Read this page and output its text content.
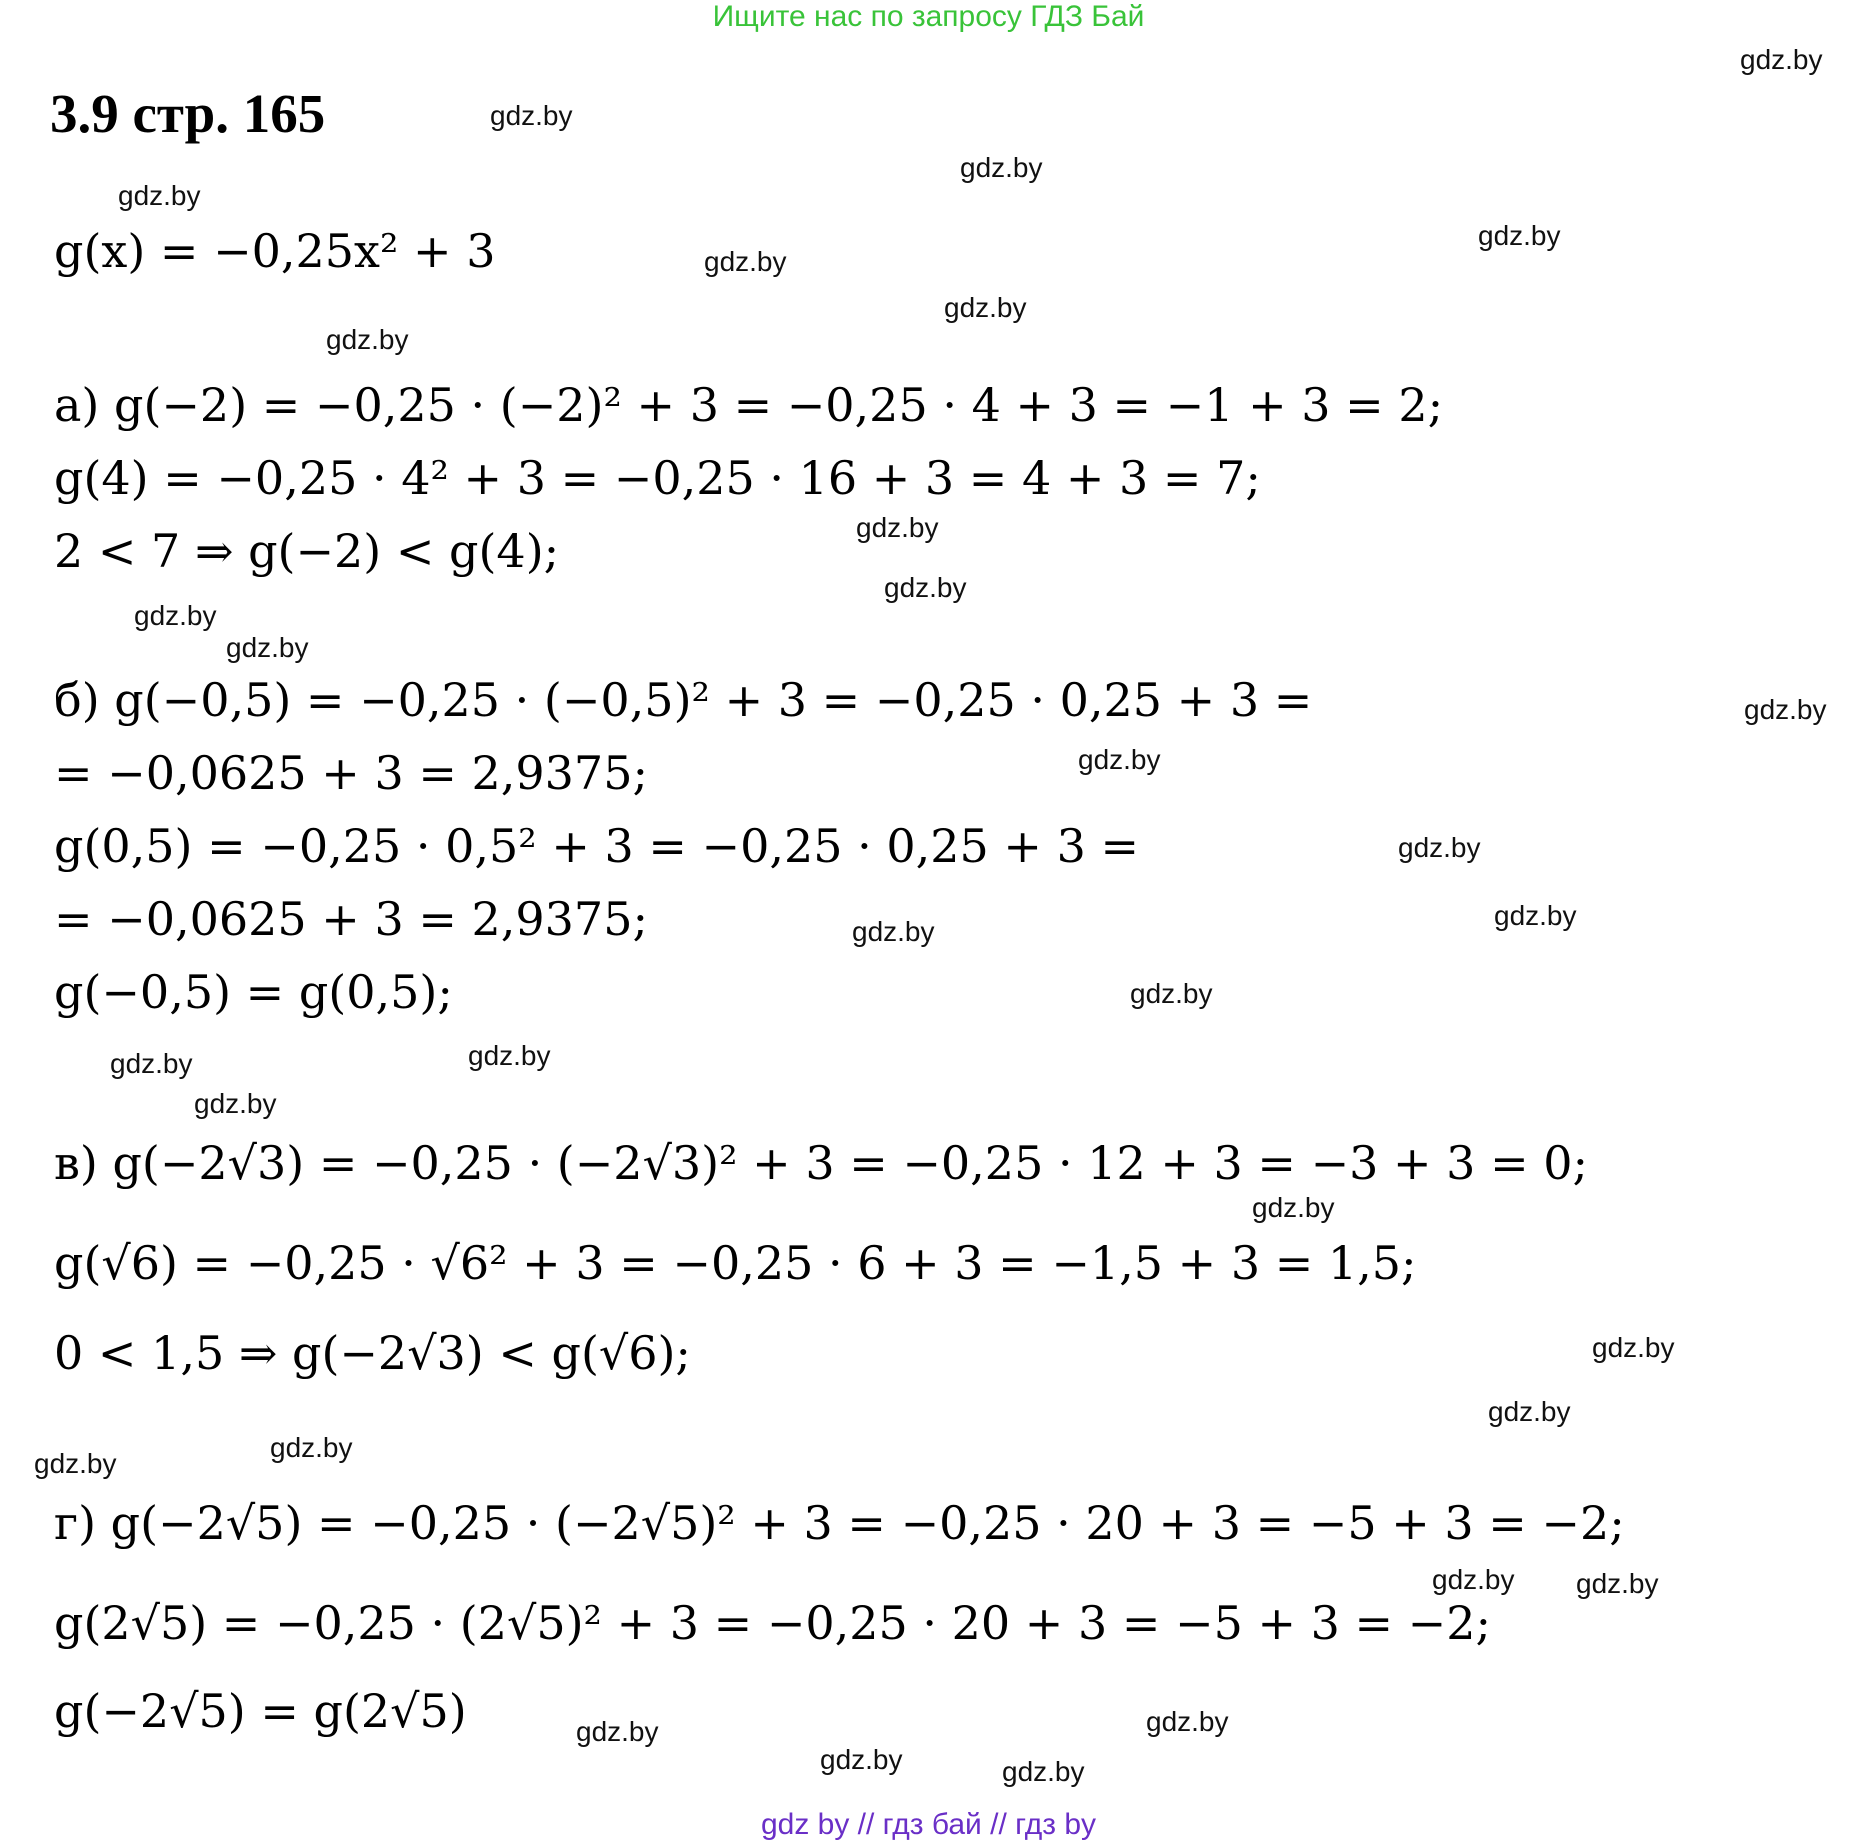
Ищите нас по запросу ГДЗ Бай
3.9 стр. 165
g(x) = −0,25x² + 3
а) g(−2) = −0,25 · (−2)² + 3 = −0,25 · 4 + 3 = −1 + 3 = 2;
g(4) = −0,25 · 4² + 3 = −0,25 · 16 + 3 = 4 + 3 = 7;
2 < 7 ⇒ g(−2) < g(4);
б) g(−0,5) = −0,25 · (−0,5)² + 3 = −0,25 · 0,25 + 3 =
= −0,0625 + 3 = 2,9375;
g(0,5) = −0,25 · 0,5² + 3 = −0,25 · 0,25 + 3 =
= −0,0625 + 3 = 2,9375;
g(−0,5) = g(0,5);
в) g(−2√3) = −0,25 · (−2√3)² + 3 = −0,25 · 12 + 3 = −3 + 3 = 0;
g(√6) = −0,25 · √6² + 3 = −0,25 · 6 + 3 = −1,5 + 3 = 1,5;
0 < 1,5 ⇒ g(−2√3) < g(√6);
г) g(−2√5) = −0,25 · (−2√5)² + 3 = −0,25 · 20 + 3 = −5 + 3 = −2;
g(2√5) = −0,25 · (2√5)² + 3 = −0,25 · 20 + 3 = −5 + 3 = −2;
g(−2√5) = g(2√5)
gdz.by
gdz.by
gdz.by
gdz.by
gdz.by
gdz.by
gdz.by
gdz.by
gdz.by
gdz.by
gdz.by
gdz.by
gdz.by
gdz.by
gdz.by
gdz.by
gdz.by
gdz.by
gdz.by	gdz.by
gdz.by
gdz.by
gdz.by
gdz.by
gdz.by
gdz.by
gdz.by gdz.by
gdz.by
gdz.by
gdz.by	gdz.by
gdz by // гдз бай // гдз by
